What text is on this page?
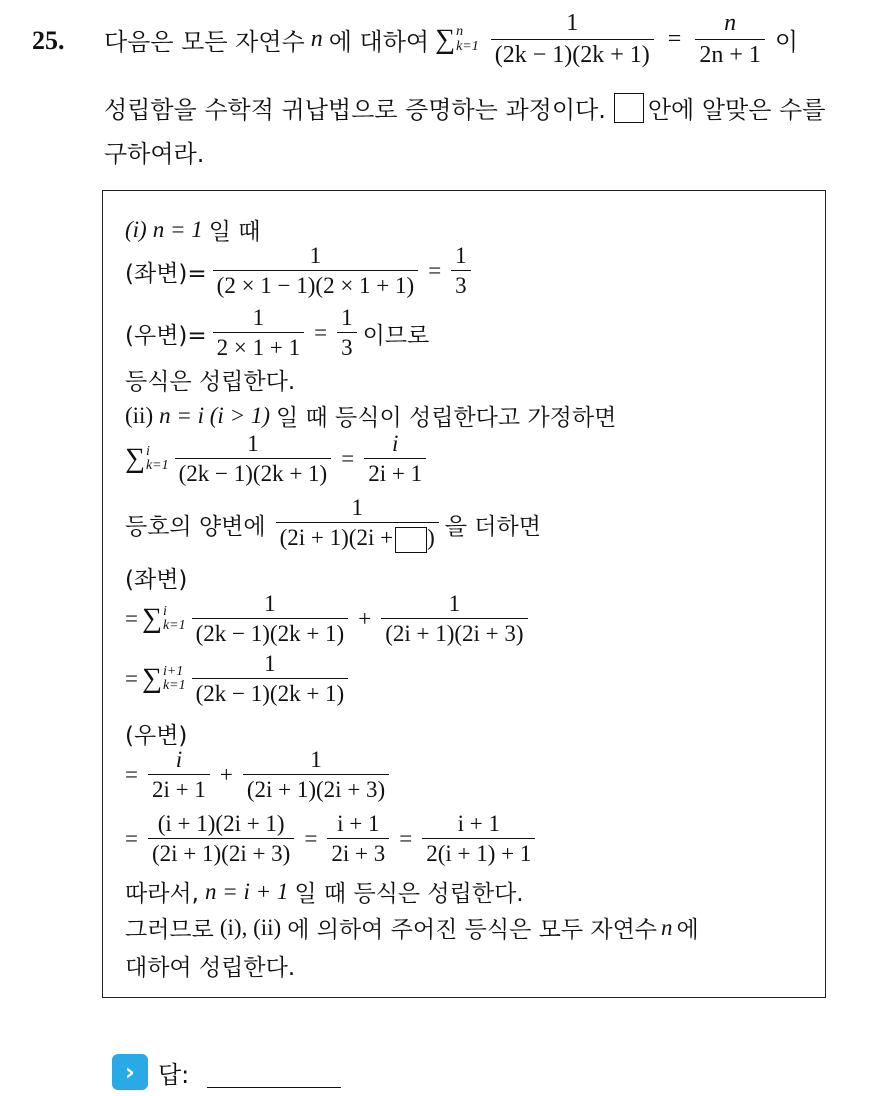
25. 다음은 모든 자연수 n 에 대하여 ∑ n
$k=1 \frac{1}{(2k - 1)(2k + 1)} = \frac{n}{2n + 1}$ 이
성립함을 수학적 귀납법으로 증명하는 과정이다. 안에 알맞은 수를
구하여라.
(i) n = 1 일 때
(좌변)= $\frac{1}{(2 \times 1 - 1)(2 \times 1 + 1)} = \frac{1}{3}$
(우변)= $\frac{1}{2 \times 1 + 1} = \frac{1}{3}$ 이므로
등식은 성립한다.
(ii) n = i (i > 1) 일 때 등식이 성립한다고 가정하면
∑ i
$k=1 \frac{1}{(2k - 1)(2k + 1)} = \frac{i}{2i + 1}$
등호의 양변에 $\frac{1}{(2i + 1)(2i + )}$ 을 더하면
(좌변)
= ∑ i
$k=1 \frac{1}{(2k - 1)(2k + 1)} + \frac{1}{(2i + 1)(2i + 3)}$
= ∑ i+1
$k=1 \frac{1}{(2k - 1)(2k + 1)}$
(우변)
= $\frac{i}{2i + 1} + \frac{1}{(2i + 1)(2i + 3)}$
= $\frac{(i + 1)(2i + 1)}{(2i + 1)(2i + 3)} = \frac{i + 1}{2i + 3} = \frac{i + 1}{2(i + 1) + 1}$
따라서, n = i + 1 일 때 등식은 성립한다.
그러므로 (i), (ii) 에 의하여 주어진 등식은 모두 자연수 n 에
대하여 성립한다.
› 답:
